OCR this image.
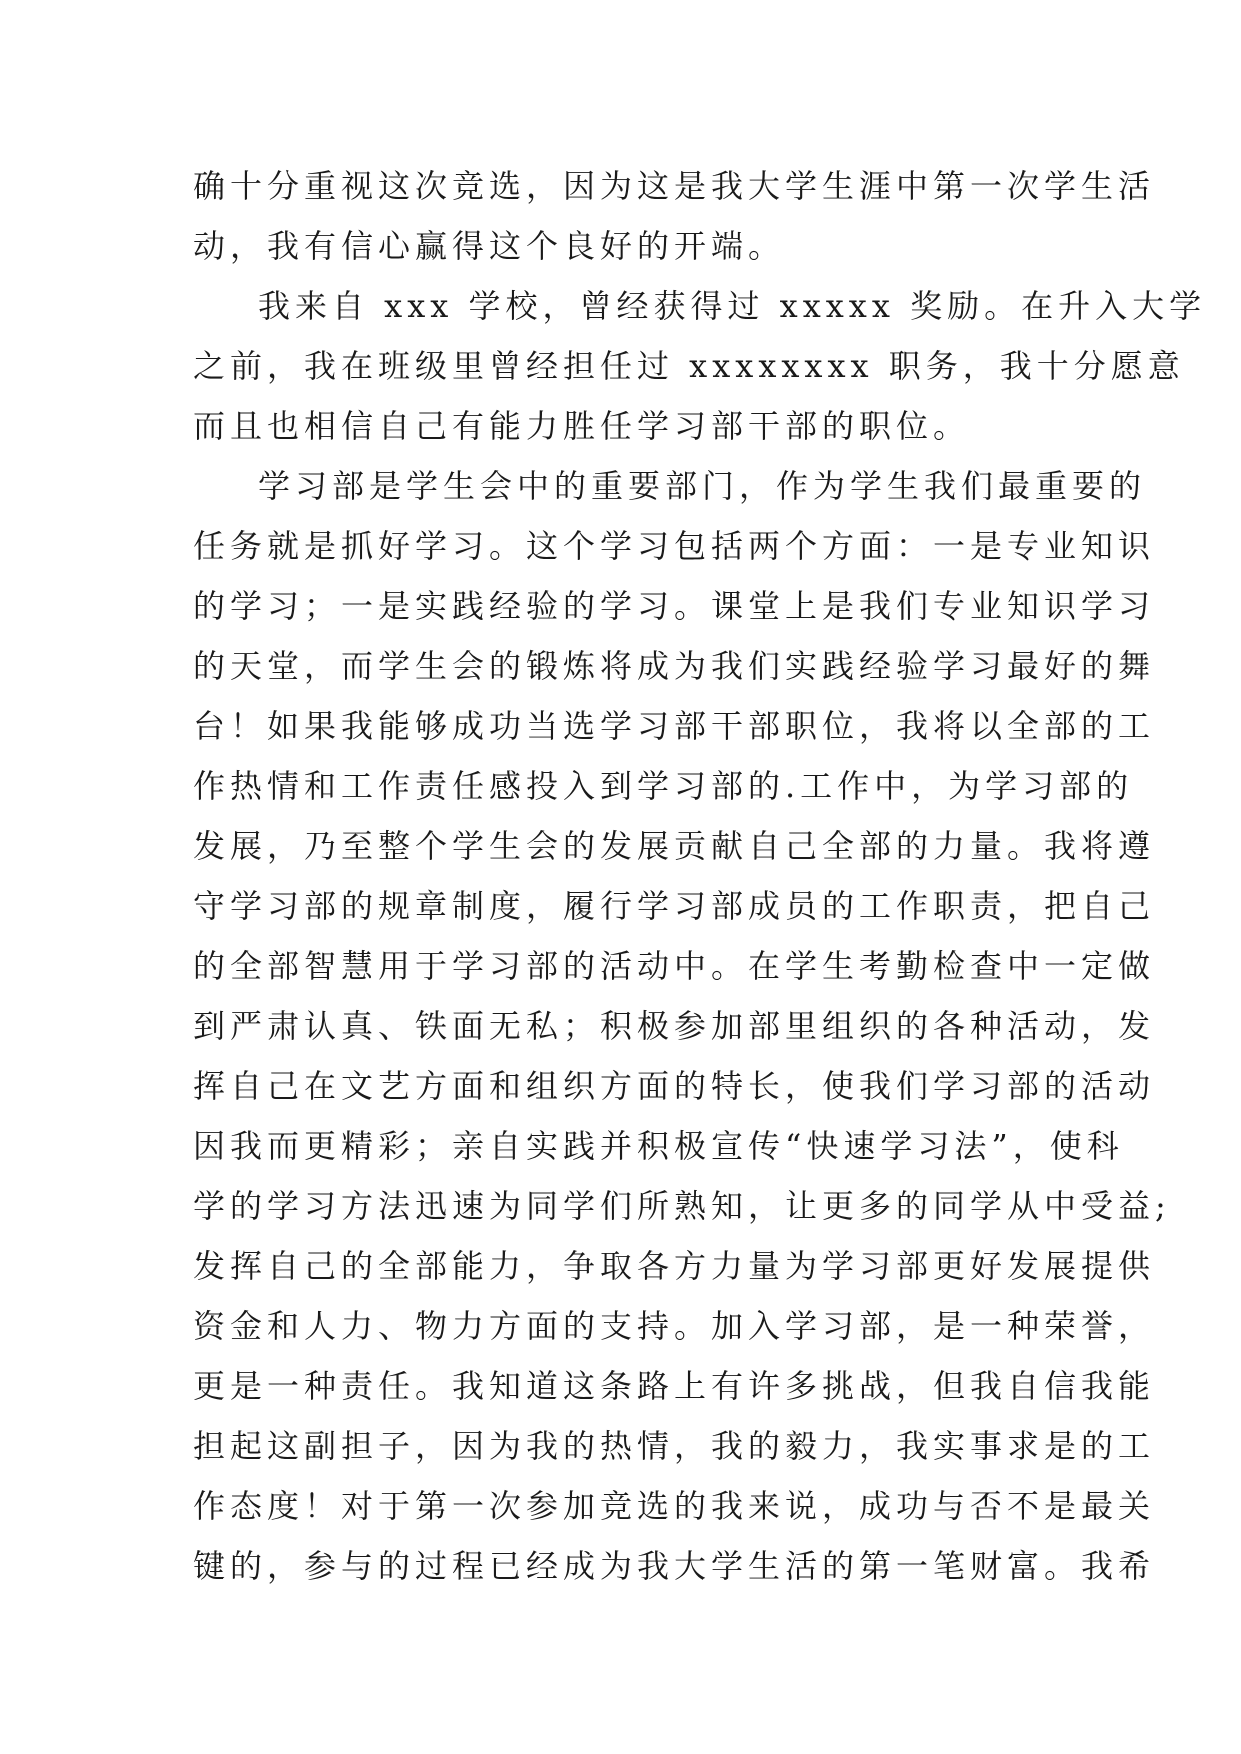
确十分重视这次竞选，因为这是我大学生涯中第一次学生活
动，我有信心赢得这个良好的开端。
我来自 xxx 学校，曾经获得过 xxxxx 奖励。在升入大学
之前，我在班级里曾经担任过 xxxxxxxx 职务，我十分愿意
而且也相信自己有能力胜任学习部干部的职位。
学习部是学生会中的重要部门，作为学生我们最重要的
任务就是抓好学习。这个学习包括两个方面：一是专业知识
的学习；一是实践经验的学习。课堂上是我们专业知识学习
的天堂，而学生会的锻炼将成为我们实践经验学习最好的舞
台！如果我能够成功当选学习部干部职位，我将以全部的工
作热情和工作责任感投入到学习部的.工作中，为学习部的
发展，乃至整个学生会的发展贡献自己全部的力量。我将遵
守学习部的规章制度，履行学习部成员的工作职责，把自己
的全部智慧用于学习部的活动中。在学生考勤检查中一定做
到严肃认真、铁面无私；积极参加部里组织的各种活动，发
挥自己在文艺方面和组织方面的特长，使我们学习部的活动
因我而更精彩；亲自实践并积极宣传“快速学习法”，使科
学的学习方法迅速为同学们所熟知，让更多的同学从中受益;
发挥自己的全部能力，争取各方力量为学习部更好发展提供
资金和人力、物力方面的支持。加入学习部，是一种荣誉，
更是一种责任。我知道这条路上有许多挑战，但我自信我能
担起这副担子，因为我的热情，我的毅力，我实事求是的工
作态度！对于第一次参加竞选的我来说，成功与否不是最关
键的，参与的过程已经成为我大学生活的第一笔财富。我希
